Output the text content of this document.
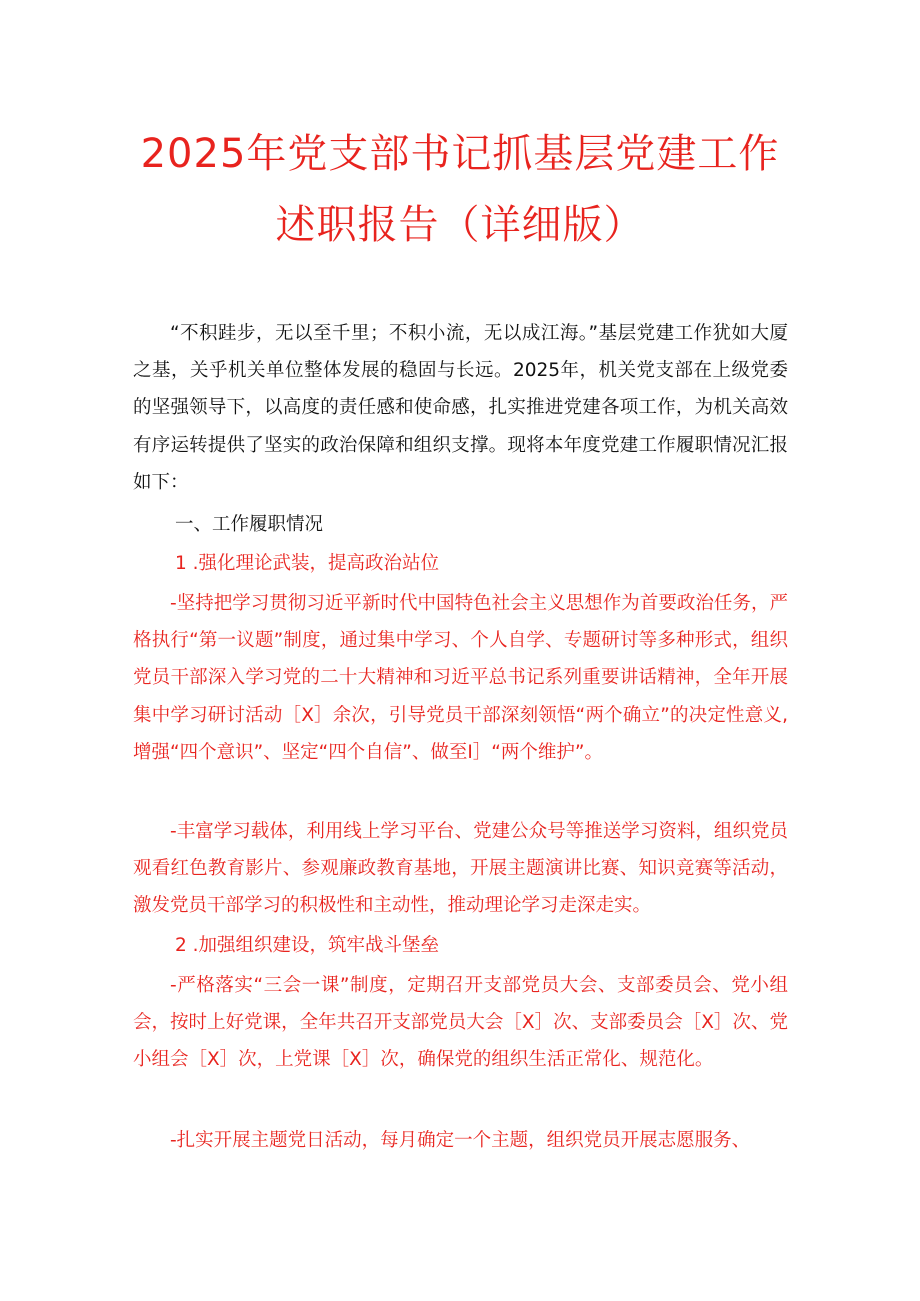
2025年党支部书记抓基层党建工作
述职报告（详细版）

“不积跬步，无以至千里；不积小流，无以成江海。”基层党建工作犹如大厦之基，关乎机关单位整体发展的稳固与长远。2025年，机关党支部在上级党委的坚强领导下，以高度的责任感和使命感，扎实推进党建各项工作，为机关高效有序运转提供了坚实的政治保障和组织支撑。现将本年度党建工作履职情况汇报如下：

一、工作履职情况
1 .强化理论武装，提高政治站位

-坚持把学习贯彻习近平新时代中国特色社会主义思想作为首要政治任务，严格执行“第一议题”制度，通过集中学习、个人自学、专题研讨等多种形式，组织党员干部深入学习党的二十大精神和习近平总书记系列重要讲话精神，全年开展集中学习研讨活动［X］余次，引导党员干部深刻领悟“两个确立”的决定性意义,增强“四个意识”、坚定“四个自信”、做至I］“两个维护”。

-丰富学习载体，利用线上学习平台、党建公众号等推送学习资料，组织党员观看红色教育影片、参观廉政教育基地，开展主题演讲比赛、知识竞赛等活动，激发党员干部学习的积极性和主动性，推动理论学习走深走实。

2 .加强组织建设，筑牢战斗堡垒

-严格落实“三会一课”制度，定期召开支部党员大会、支部委员会、党小组会，按时上好党课，全年共召开支部党员大会［X］次、支部委员会［X］次、党小组会［X］次，上党课［X］次，确保党的组织生活正常化、规范化。

-扎实开展主题党日活动，每月确定一个主题，组织党员开展志愿服务、
